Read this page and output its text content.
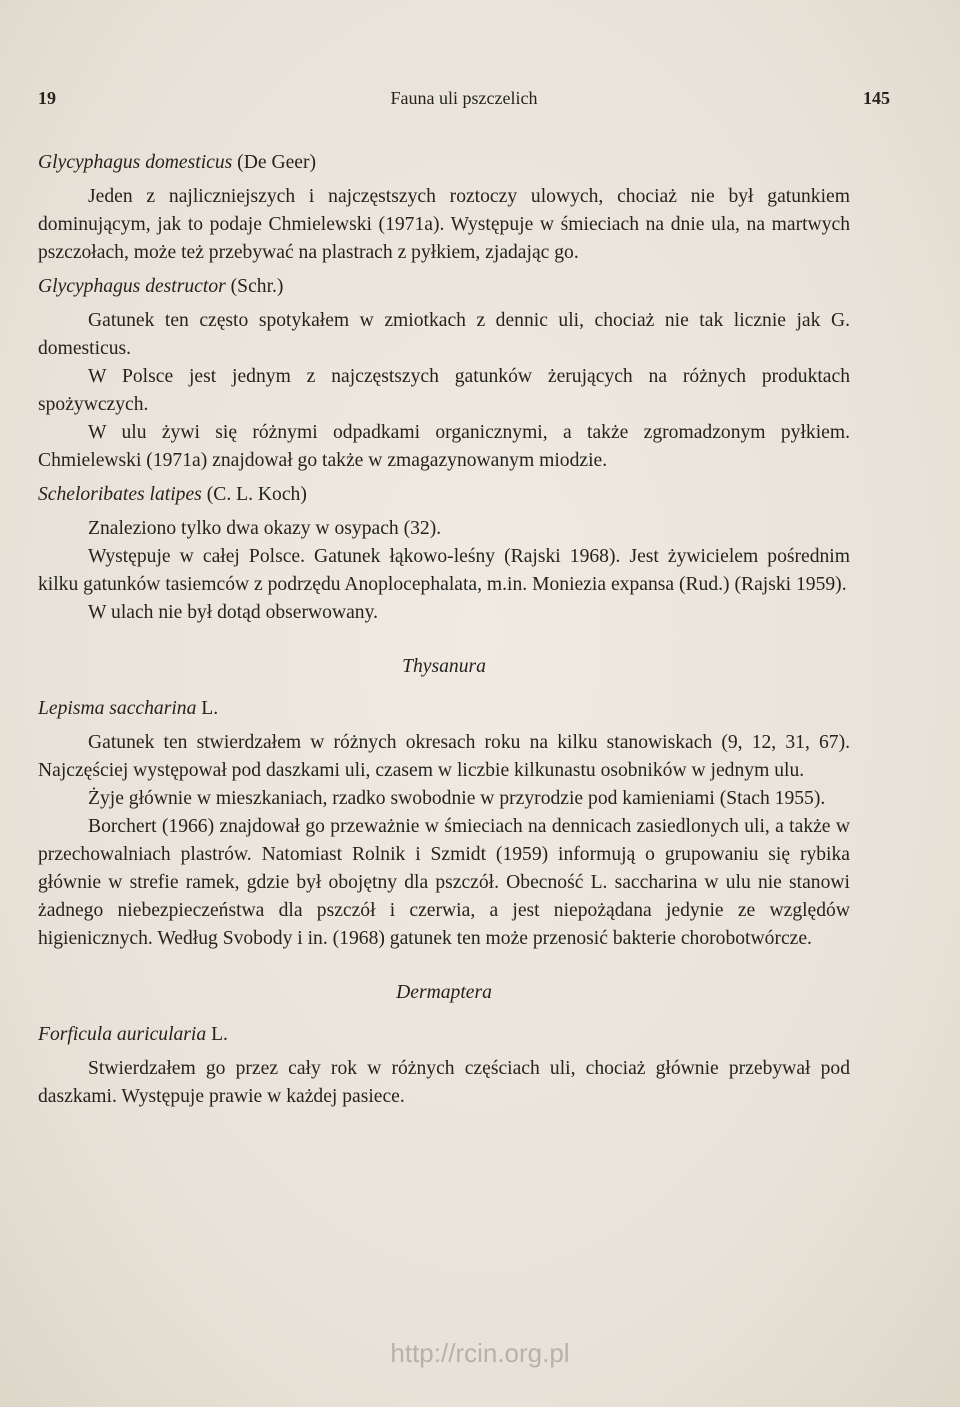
19	Fauna uli pszczelich	145

Glycyphagus domesticus (De Geer)

Jeden z najliczniejszych i najczęstszych roztoczy ulowych, chociaż nie był gatunkiem dominującym, jak to podaje Chmielewski (1971a). Występuje w śmieciach na dnie ula, na martwych pszczołach, może też przebywać na plastrach z pyłkiem, zjadając go.

Glycyphagus destructor (Schr.)

Gatunek ten często spotykałem w zmiotkach z dennic uli, chociaż nie tak licznie jak G. domesticus.

W Polsce jest jednym z najczęstszych gatunków żerujących na różnych produktach spożywczych.

W ulu żywi się różnymi odpadkami organicznymi, a także zgromadzonym pyłkiem. Chmielewski (1971a) znajdował go także w zmagazynowanym miodzie.

Scheloribates latipes (C. L. Koch)

Znaleziono tylko dwa okazy w osypach (32).

Występuje w całej Polsce. Gatunek łąkowo-leśny (Rajski 1968). Jest żywicielem pośrednim kilku gatunków tasiemców z podrzędu Anoplocephalata, m.in. Moniezia expansa (Rud.) (Rajski 1959).

W ulach nie był dotąd obserwowany.

Thysanura

Lepisma saccharina L.

Gatunek ten stwierdzałem w różnych okresach roku na kilku stanowiskach (9, 12, 31, 67). Najczęściej występował pod daszkami uli, czasem w liczbie kilkunastu osobników w jednym ulu.

Żyje głównie w mieszkaniach, rzadko swobodnie w przyrodzie pod kamieniami (Stach 1955).

Borchert (1966) znajdował go przeważnie w śmieciach na dennicach zasiedlonych uli, a także w przechowalniach plastrów. Natomiast Rolnik i Szmidt (1959) informują o grupowaniu się rybika głównie w strefie ramek, gdzie był obojętny dla pszczół. Obecność L. saccharina w ulu nie stanowi żadnego niebezpieczeństwa dla pszczół i czerwia, a jest niepożądana jedynie ze względów higienicznych. Według Svobody i in. (1968) gatunek ten może przenosić bakterie chorobotwórcze.

Dermaptera

Forficula auricularia L.

Stwierdzałem go przez cały rok w różnych częściach uli, chociaż głównie przebywał pod daszkami. Występuje prawie w każdej pasiece.

http://rcin.org.pl
